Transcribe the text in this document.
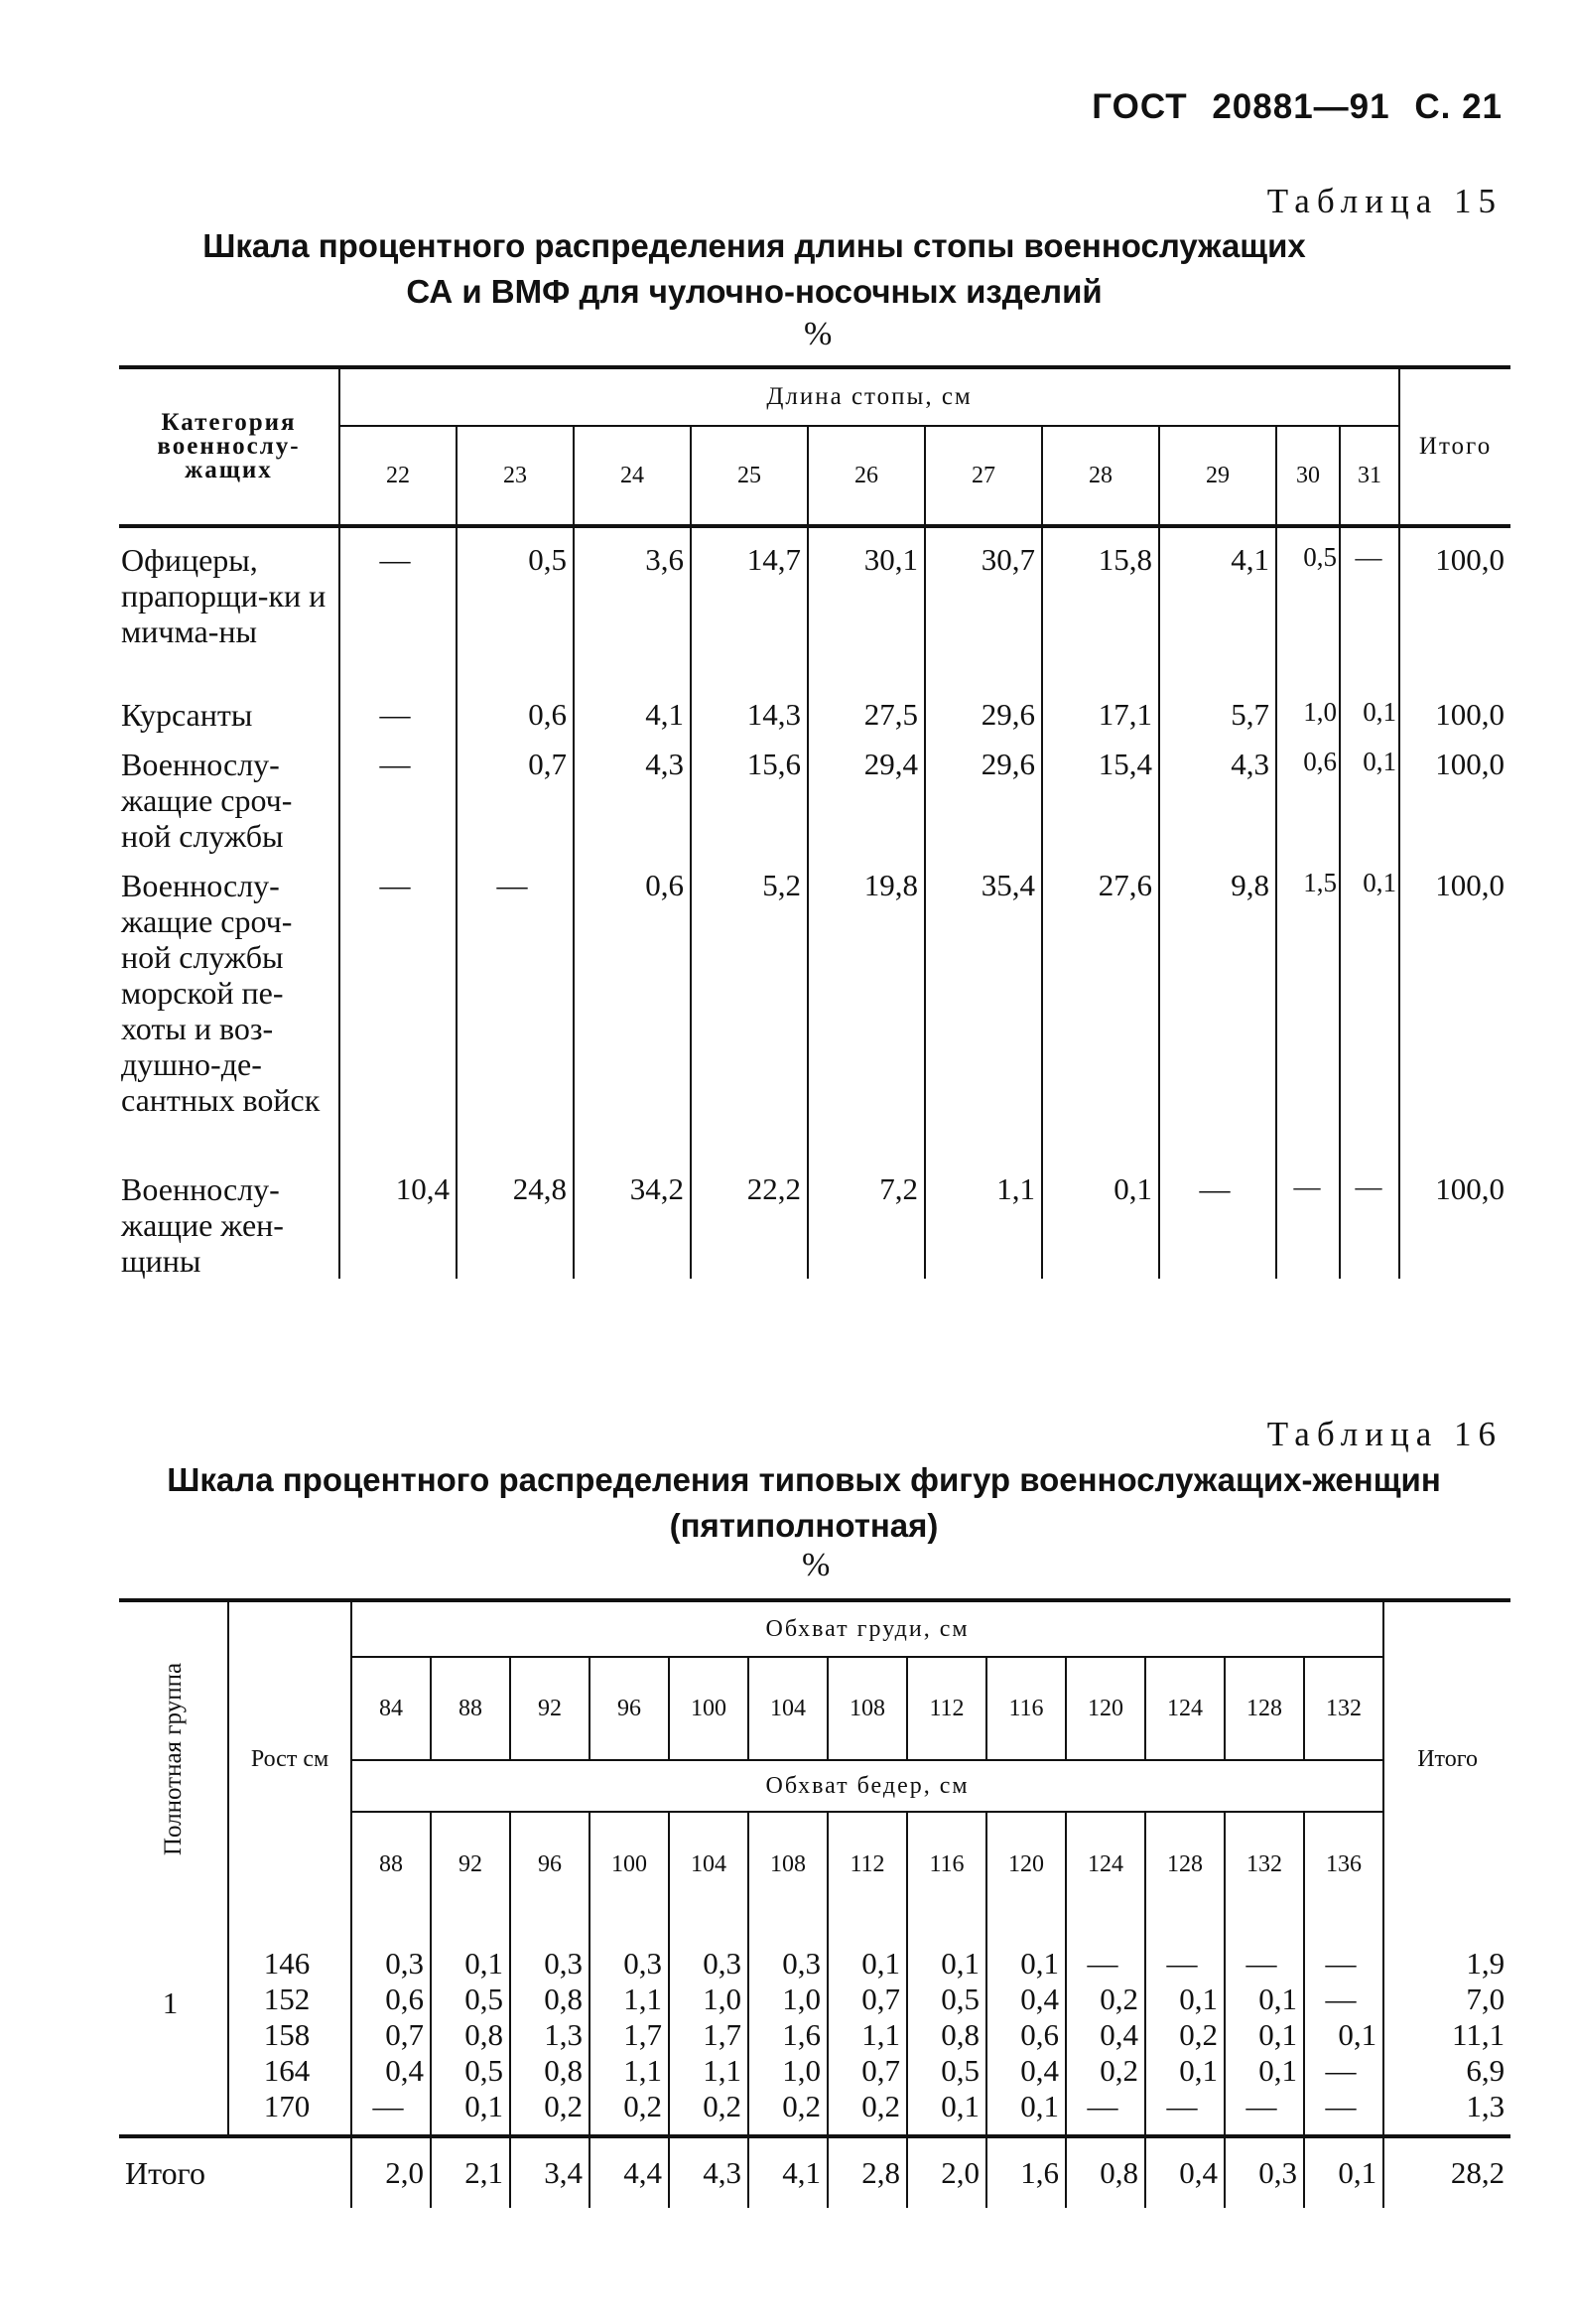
ГОСТ 20881—91 С. 21
Таблица 15
Шкала процентного распределения длины стопы военнослужащих
СА и ВМФ для чулочно-носочных изделий
%
Категория военнослу-жащих	Длина стопы, см										Итого
	22	23	24	25	26	27	28	29	30	31	
Офицеры, прапорщи-ки и мичма-ны	—	0,5	3,6	14,7	30,1	30,7	15,8	4,1	0,5	—	100,0
Курсанты	—	0,6	4,1	14,3	27,5	29,6	17,1	5,7	1,0	0,1	100,0
Военнослу-жащие сроч-ной службы	—	0,7	4,3	15,6	29,4	29,6	15,4	4,3	0,6	0,1	100,0
Военнослу-жащие сроч-ной службы морской пе-хоты и воз-душно-де-сантных войск	—	—	0,6	5,2	19,8	35,4	27,6	9,8	1,5	0,1	100,0
Военнослу-жащие жен-щины	10,4	24,8	34,2	22,2	7,2	1,1	0,1	—	—	—	100,0
Таблица 16
Шкала процентного распределения типовых фигур военнослужащих-женщин
(пятиполнотная)
%
Полнотная группа	Рост см	Обхват груди, см													Итого
		84	88	92	96	100	104	108	112	116	120	124	128	132	
		Обхват бедер, см													
		88	92	96	100	104	108	112	116	120	124	128	132	136	

1	146	0,3	0,1	0,3	0,3	0,3	0,3	0,1	0,1	0,1	—	—	—	—	1,9
	152	0,6	0,5	0,8	1,1	1,0	1,0	0,7	0,5	0,4	0,2	0,1	0,1	—	7,0
	158	0,7	0,8	1,3	1,7	1,7	1,6	1,1	0,8	0,6	0,4	0,2	0,1	0,1	11,1
	164	0,4	0,5	0,8	1,1	1,1	1,0	0,7	0,5	0,4	0,2	0,1	0,1	—	6,9
	170	—	0,1	0,2	0,2	0,2	0,2	0,2	0,1	0,1	—	—	—	—	1,3

Итого		2,0	2,1	3,4	4,4	4,3	4,1	2,8	2,0	1,6	0,8	0,4	0,3	0,1	28,2
